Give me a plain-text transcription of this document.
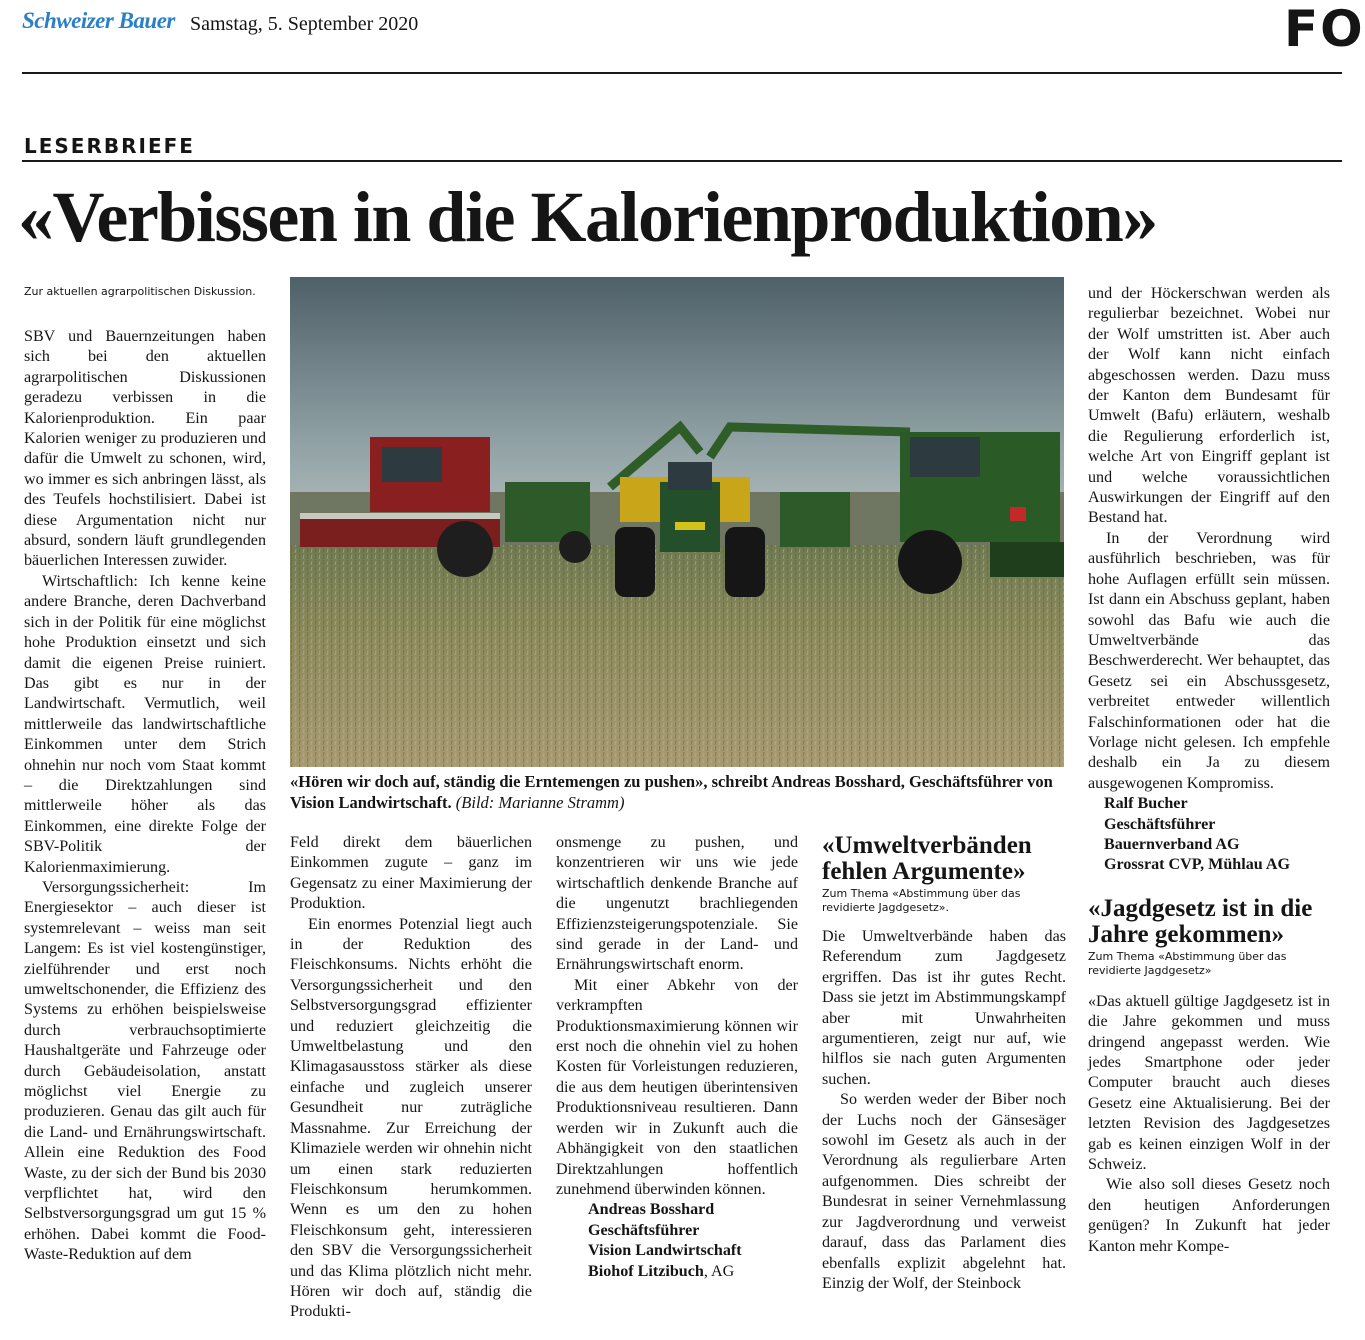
Schweizer Bauer Samstag, 5. September 2020	FO
LESERBRIEFE
«Verbissen in die Kalorienproduktion»
Zur aktuellen agrarpolitischen Diskussion.

SBV und Bauernzeitungen haben sich bei den aktuellen agrarpolitischen Diskussionen geradezu verbissen in die Kalorienproduktion. Ein paar Kalorien weniger zu produzieren und dafür die Umwelt zu schonen, wird, wo immer es sich anbringen lässt, als des Teufels hochstilisiert. Dabei ist diese Argumentation nicht nur absurd, sondern läuft grundlegenden bäuerlichen Interessen zuwider.

Wirtschaftlich: Ich kenne keine andere Branche, deren Dachverband sich in der Politik für eine möglichst hohe Produktion einsetzt und sich damit die eigenen Preise ruiniert. Das gibt es nur in der Landwirtschaft. Vermutlich, weil mittlerweile das landwirtschaftliche Einkommen unter dem Strich ohnehin nur noch vom Staat kommt – die Direktzahlungen sind mittlerweile höher als das Einkommen, eine direkte Folge der SBV-Politik der Kalorienmaximierung.

Versorgungssicherheit: Im Energiesektor – auch dieser ist systemrelevant – weiss man seit Langem: Es ist viel kostengünstiger, zielführender und erst noch umweltschonender, die Effizienz des Systems zu erhöhen beispielsweise durch verbrauchsoptimierte Haushaltgeräte und Fahrzeuge oder durch Gebäudeisolation, anstatt möglichst viel Energie zu produzieren. Genau das gilt auch für die Land- und Ernährungswirtschaft. Allein eine Reduktion des Food Waste, zu der sich der Bund bis 2030 verpflichtet hat, wird den Selbstversorgungsgrad um gut 15 % erhöhen. Dabei kommt die Food-Waste-Reduktion auf dem

«Hören wir doch auf, ständig die Erntemengen zu pushen», schreibt Andreas Bosshard, Geschäftsführer von Vision Landwirtschaft. (Bild: Marianne Stramm)

Feld direkt dem bäuerlichen Einkommen zugute – ganz im Gegensatz zu einer Maximierung der Produktion.

Ein enormes Potenzial liegt auch in der Reduktion des Fleischkonsums. Nichts erhöht die Versorgungssicherheit und den Selbstversorgungsgrad effizienter und reduziert gleichzeitig die Umweltbelastung und den Klimagasausstoss stärker als diese einfache und zugleich unserer Gesundheit nur zuträgliche Massnahme. Zur Erreichung der Klimaziele werden wir ohnehin nicht um einen stark reduzierten Fleischkonsum herumkommen. Wenn es um den zu hohen Fleischkonsum geht, interessieren den SBV die Versorgungssicherheit und das Klima plötzlich nicht mehr. Hören wir doch auf, ständig die Produkti-

onsmenge zu pushen, und konzentrieren wir uns wie jede wirtschaftlich denkende Branche auf die ungenutzt brachliegenden Effizienzsteigerungspotenziale. Sie sind gerade in der Land- und Ernährungswirtschaft enorm.

Mit einer Abkehr von der verkrampften Produktionsmaximierung können wir erst noch die ohnehin viel zu hohen Kosten für Vorleistungen reduzieren, die aus dem heutigen überintensiven Produktionsniveau resultieren. Dann werden wir in Zukunft auch die Abhängigkeit von den staatlichen Direktzahlungen hoffentlich zunehmend überwinden können.

Andreas Bosshard
Geschäftsführer
Vision Landwirtschaft
Biohof Litzibuch, AG
«Umweltverbänden fehlen Argumente»
Zum Thema «Abstimmung über das revidierte Jagdgesetz».

Die Umweltverbände haben das Referendum zum Jagdgesetz ergriffen. Das ist ihr gutes Recht. Dass sie jetzt im Abstimmungskampf aber mit Unwahrheiten argumentieren, zeigt nur auf, wie hilflos sie nach guten Argumenten suchen.

So werden weder der Biber noch der Luchs noch der Gänsesäger sowohl im Gesetz als auch in der Verordnung als regulierbare Arten aufgenommen. Dies schreibt der Bundesrat in seiner Vernehmlassung zur Jagdverordnung und verweist darauf, dass das Parlament dies ebenfalls explizit abgelehnt hat. Einzig der Wolf, der Steinbock

und der Höckerschwan werden als regulierbar bezeichnet. Wobei nur der Wolf umstritten ist. Aber auch der Wolf kann nicht einfach abgeschossen werden. Dazu muss der Kanton dem Bundesamt für Umwelt (Bafu) erläutern, weshalb die Regulierung erforderlich ist, welche Art von Eingriff geplant ist und welche voraussichtlichen Auswirkungen der Eingriff auf den Bestand hat.

In der Verordnung wird ausführlich beschrieben, was für hohe Auflagen erfüllt sein müssen. Ist dann ein Abschuss geplant, haben sowohl das Bafu wie auch die Umweltverbände das Beschwerderecht. Wer behauptet, das Gesetz sei ein Abschussgesetz, verbreitet entweder willentlich Falschinformationen oder hat die Vorlage nicht gelesen. Ich empfehle deshalb ein Ja zu diesem ausgewogenen Kompromiss.

Ralf Bucher
Geschäftsführer
Bauernverband AG
Grossrat CVP, Mühlau AG
«Jagdgesetz ist in die Jahre gekommen»
Zum Thema «Abstimmung über das revidierte Jagdgesetz»

«Das aktuell gültige Jagdgesetz ist in die Jahre gekommen und muss dringend angepasst werden. Wie jedes Smartphone oder jeder Computer braucht auch dieses Gesetz eine Aktualisierung. Bei der letzten Revision des Jagdgesetzes gab es keinen einzigen Wolf in der Schweiz.

Wie also soll dieses Gesetz noch den heutigen Anforderungen genügen? In Zukunft hat jeder Kanton mehr Kompe-
